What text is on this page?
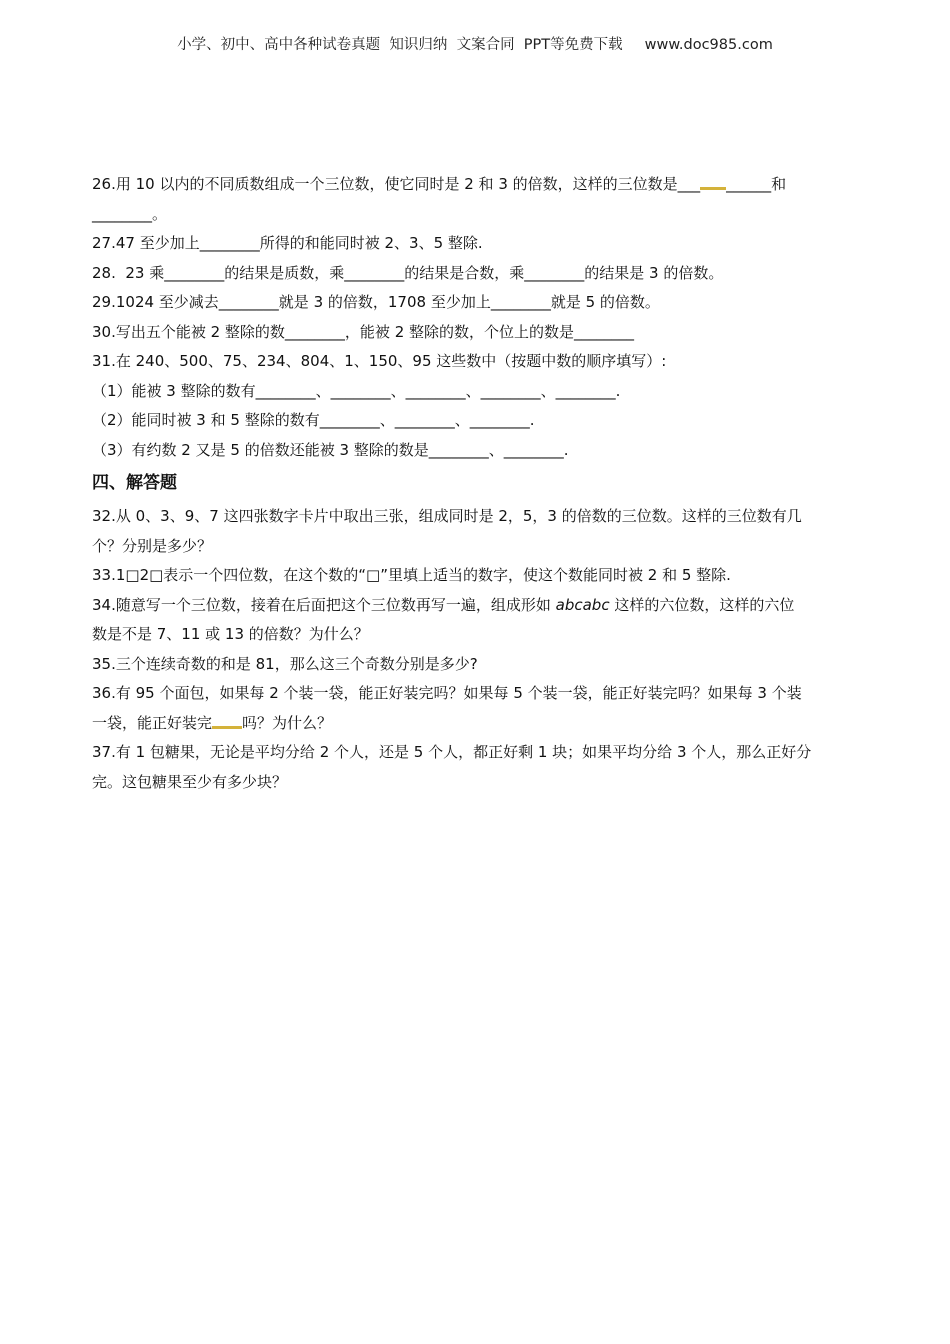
小学、初中、高中各种试卷真题  知识归纳  文案合同  PPT等免费下载 www.doc985.com
26.用 10 以内的不同质数组成一个三位数，使它同时是 2 和 3 的倍数，这样的三位数是___ ______和
________。
27.47 至少加上________所得的和能同时被 2、3、5 整除.
28.  23 乘________的结果是质数，乘________的结果是合数，乘________的结果是 3 的倍数。
29.1024 至少减去________就是 3 的倍数，1708 至少加上________就是 5 的倍数。
30.写出五个能被 2 整除的数________，能被 2 整除的数，个位上的数是________
31.在 240、500、75、234、804、1、150、95 这些数中（按题中数的顺序填写）:
（1）能被 3 整除的数有________、________、________、________、________.
（2）能同时被 3 和 5 整除的数有________、________、________.
（3）有约数 2 又是 5 的倍数还能被 3 整除的数是________、________.
四、解答题
32.从 0、3、9、7 这四张数字卡片中取出三张，组成同时是 2，5，3 的倍数的三位数。这样的三位数有几
个？分别是多少？
33.1□2□表示一个四位数，在这个数的“□”里填上适当的数字，使这个数能同时被 2 和 5 整除.
34.随意写一个三位数，接着在后面把这个三位数再写一遍，组成形如 abcabc 这样的六位数，这样的六位
数是不是 7、11 或 13 的倍数？为什么？
35.三个连续奇数的和是 81，那么这三个奇数分别是多少?
36.有 95 个面包，如果每 2 个装一袋，能正好装完吗？如果每 5 个装一袋，能正好装完吗？如果每 3 个装
一袋，能正好装完 吗？为什么？
37.有 1 包糖果，无论是平均分给 2 个人，还是 5 个人，都正好剩 1 块；如果平均分给 3 个人，那么正好分
完。这包糖果至少有多少块？
